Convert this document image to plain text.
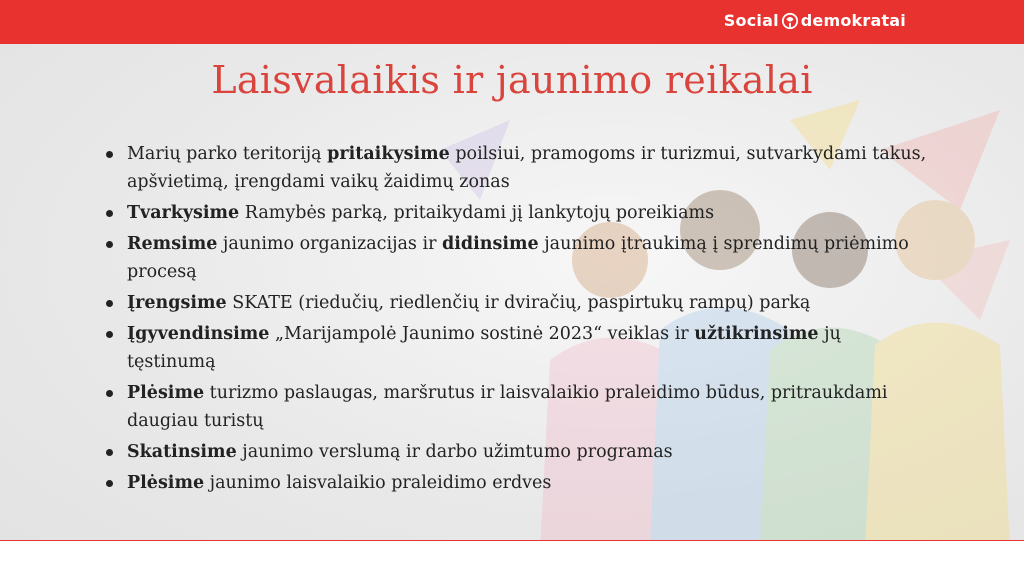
Social demokratai
Laisvalaikis ir jaunimo reikalai
Marių parko teritoriją pritaikysime poilsiui, pramogoms ir turizmui, sutvarkydami takus, apšvietimą, įrengdami vaikų žaidimų zonas
Tvarkysime Ramybės parką, pritaikydami jį lankytojų poreikiams
Remsime jaunimo organizacijas ir didinsime jaunimo įtraukimą į sprendimų priėmimo procesą
Įrengsime SKATE (riedučių, riedlenčių ir dviračių, paspirtukų rampų) parką
Įgyvendinsime „Marijampolė Jaunimo sostinė 2023“ veiklas ir užtikrinsime jų tęstinumą
Plėsime turizmo paslaugas, maršrutus ir laisvalaikio praleidimo būdus, pritraukdami daugiau turistų
Skatinsime jaunimo verslumą ir darbo užimtumo programas
Plėsime jaunimo laisvalaikio praleidimo erdves
